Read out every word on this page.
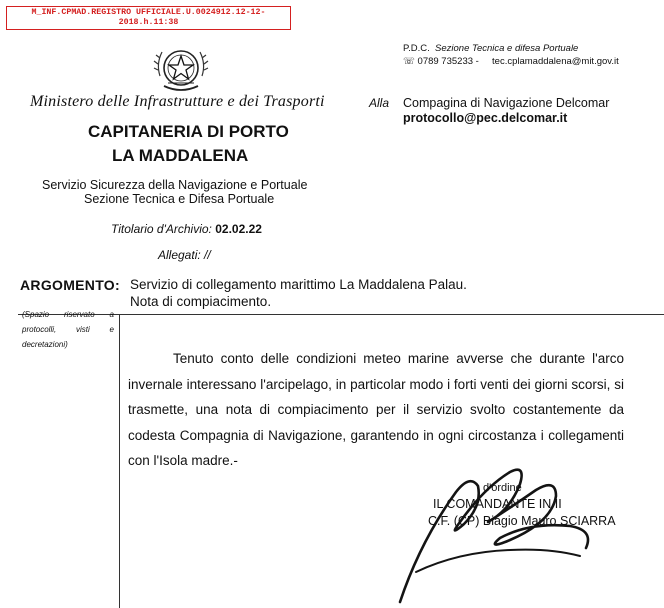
M_INF.CPMAD.REGISTRO UFFICIALE.U.0024912.12-12-
2018.h.11:38
Ministero delle Infrastrutture e dei Trasporti
CAPITANERIA DI PORTO
LA MADDALENA
Servizio Sicurezza della Navigazione e Portuale
Sezione Tecnica e Difesa Portuale
Titolario d'Archivio: 02.02.22
Allegati: //
P.D.C. Sezione Tecnica e difesa Portuale
☏ 0789 735233 - tec.cplamaddalena@mit.gov.it
Alla Compagina di Navigazione Delcomar
protocollo@pec.delcomar.it
ARGOMENTO: Servizio di collegamento marittimo La Maddalena Palau.
Nota di compiacimento.
(Spazio riservato a
protocolli, visti e
decretazioni)

Tenuto conto delle condizioni meteo marine avverse che durante l'arco invernale interessano l'arcipelago, in particolar modo i forti venti dei giorni scorsi, si trasmette, una nota di compiacimento per il servizio svolto costantemente da codesta Compagnia di Navigazione, garantendo in ogni circostanza i collegamenti con l'Isola madre.-

d'ordine
IL COMANDANTE IN II
C.F. (CP) Biagio Mauro SCIARRA
